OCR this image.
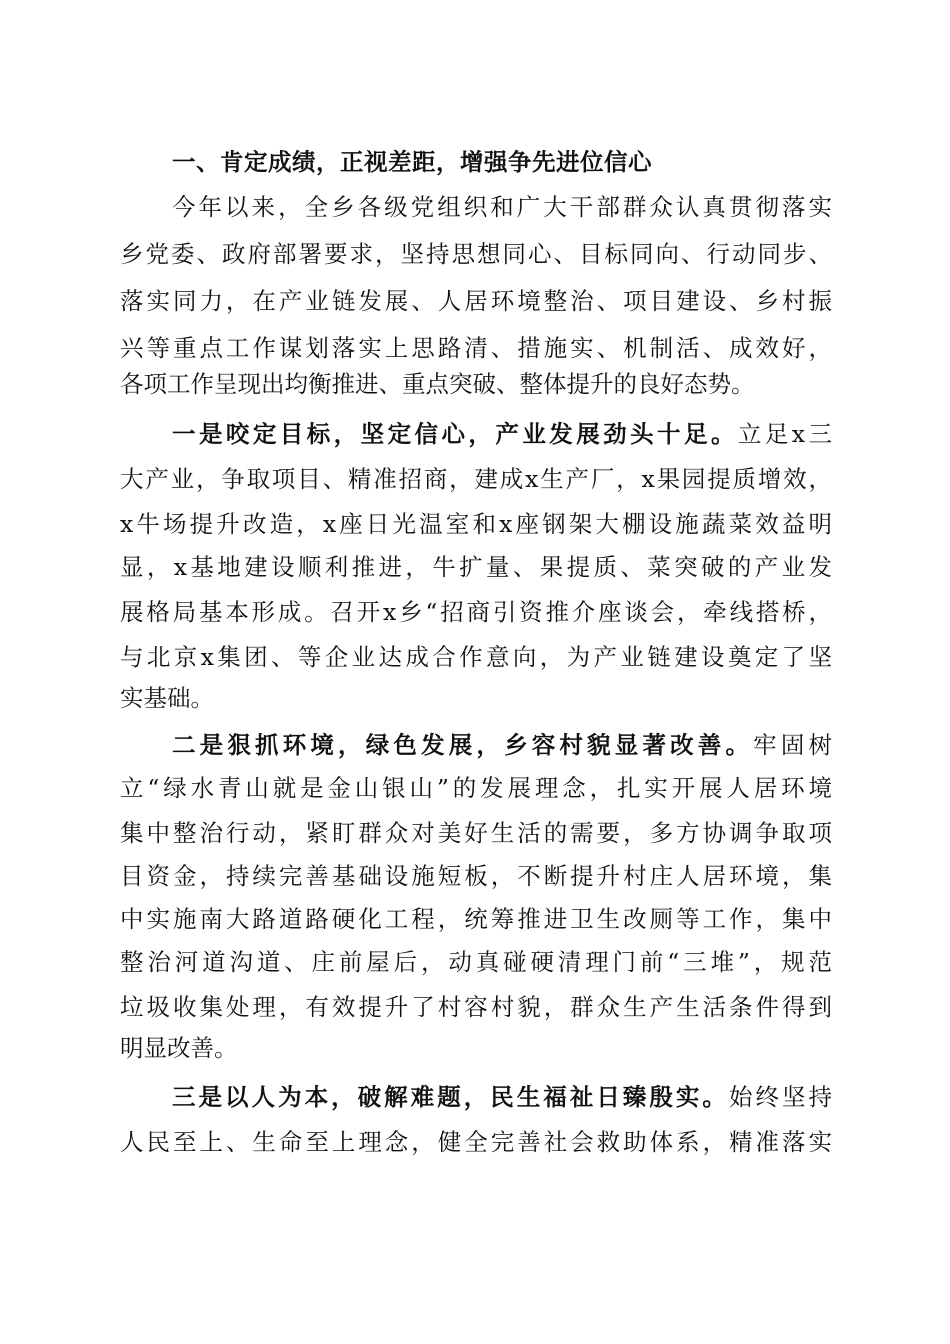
一、肯定成绩，正视差距，增强争先进位信心
今年以来，全乡各级党组织和广大干部群众认真贯彻落实
乡党委、政府部署要求，坚持思想同心、目标同向、行动同步、
落实同力，在产业链发展、人居环境整治、项目建设、乡村振
兴等重点工作谋划落实上思路清、措施实、机制活、成效好，
各项工作呈现出均衡推进、重点突破、整体提升的良好态势。
一是咬定目标，坚定信心，产业发展劲头十足。立足x三
大产业，争取项目、精准招商，建成x生产厂，x果园提质增效，
x牛场提升改造，x座日光温室和x座钢架大棚设施蔬菜效益明
显，x基地建设顺利推进，牛扩量、果提质、菜突破的产业发
展格局基本形成。召开x乡“招商引资推介座谈会，牵线搭桥，
与北京x集团、等企业达成合作意向，为产业链建设奠定了坚
实基础。
二是狠抓环境，绿色发展，乡容村貌显著改善。牢固树
立“绿水青山就是金山银山”的发展理念，扎实开展人居环境
集中整治行动，紧盯群众对美好生活的需要，多方协调争取项
目资金，持续完善基础设施短板，不断提升村庄人居环境，集
中实施南大路道路硬化工程，统筹推进卫生改厕等工作，集中
整治河道沟道、庄前屋后，动真碰硬清理门前“三堆”，规范
垃圾收集处理，有效提升了村容村貌，群众生产生活条件得到
明显改善。
三是以人为本，破解难题，民生福祉日臻殷实。始终坚持
人民至上、生命至上理念，健全完善社会救助体系，精准落实
